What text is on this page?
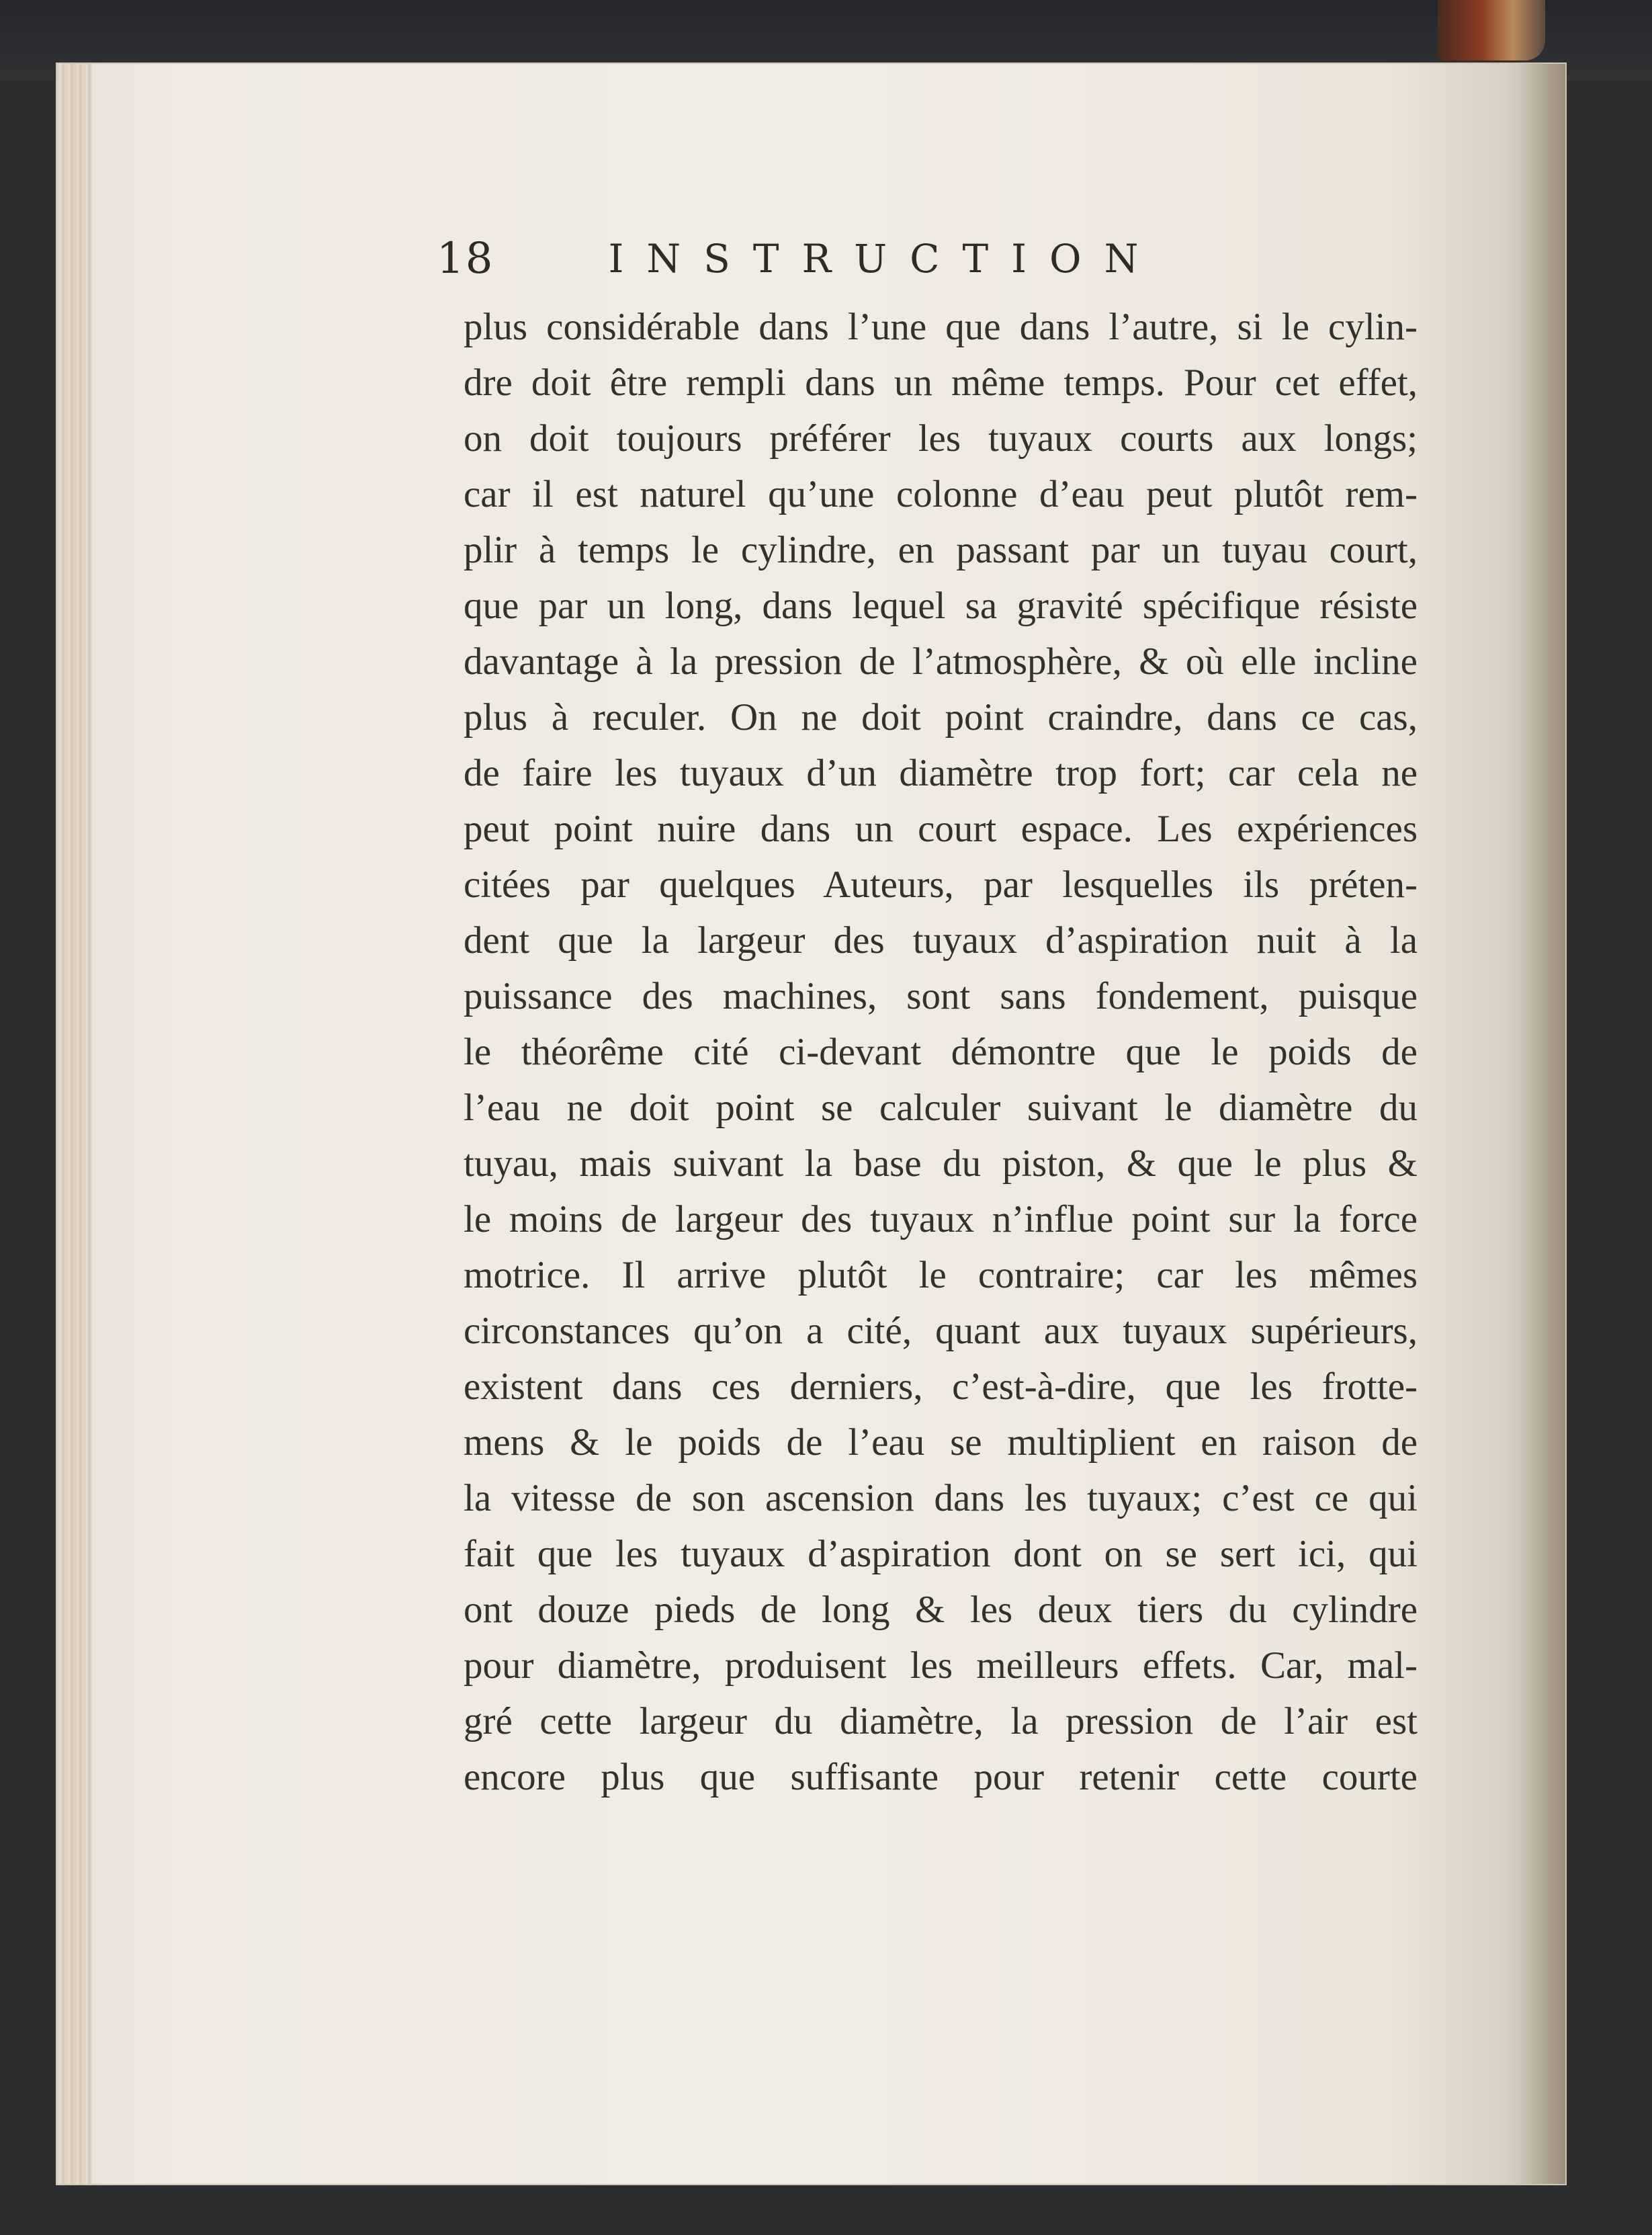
18	INSTRUCTION
plus considérable dans l’une que dans l’autre, si le cylin-
dre doit être rempli dans un même temps. Pour cet effet,
on doit toujours préférer les tuyaux courts aux longs;
car il est naturel qu’une colonne d’eau peut plutôt rem-
plir à temps le cylindre, en passant par un tuyau court,
que par un long, dans lequel sa gravité spécifique résiste
davantage à la pression de l’atmosphère, & où elle incline
plus à reculer. On ne doit point craindre, dans ce cas,
de faire les tuyaux d’un diamètre trop fort; car cela ne
peut point nuire dans un court espace. Les expériences
citées par quelques Auteurs, par lesquelles ils préten-
dent que la largeur des tuyaux d’aspiration nuit à la
puissance des machines, sont sans fondement, puisque
le théorême cité ci-devant démontre que le poids de
l’eau ne doit point se calculer suivant le diamètre du
tuyau, mais suivant la base du piston, & que le plus &
le moins de largeur des tuyaux n’influe point sur la force
motrice. Il arrive plutôt le contraire; car les mêmes
circonstances qu’on a cité, quant aux tuyaux supérieurs,
existent dans ces derniers, c’est-à-dire, que les frotte-
mens & le poids de l’eau se multiplient en raison de
la vitesse de son ascension dans les tuyaux; c’est ce qui
fait que les tuyaux d’aspiration dont on se sert ici, qui
ont douze pieds de long & les deux tiers du cylindre
pour diamètre, produisent les meilleurs effets. Car, mal-
gré cette largeur du diamètre, la pression de l’air est
encore plus que suffisante pour retenir cette courte
